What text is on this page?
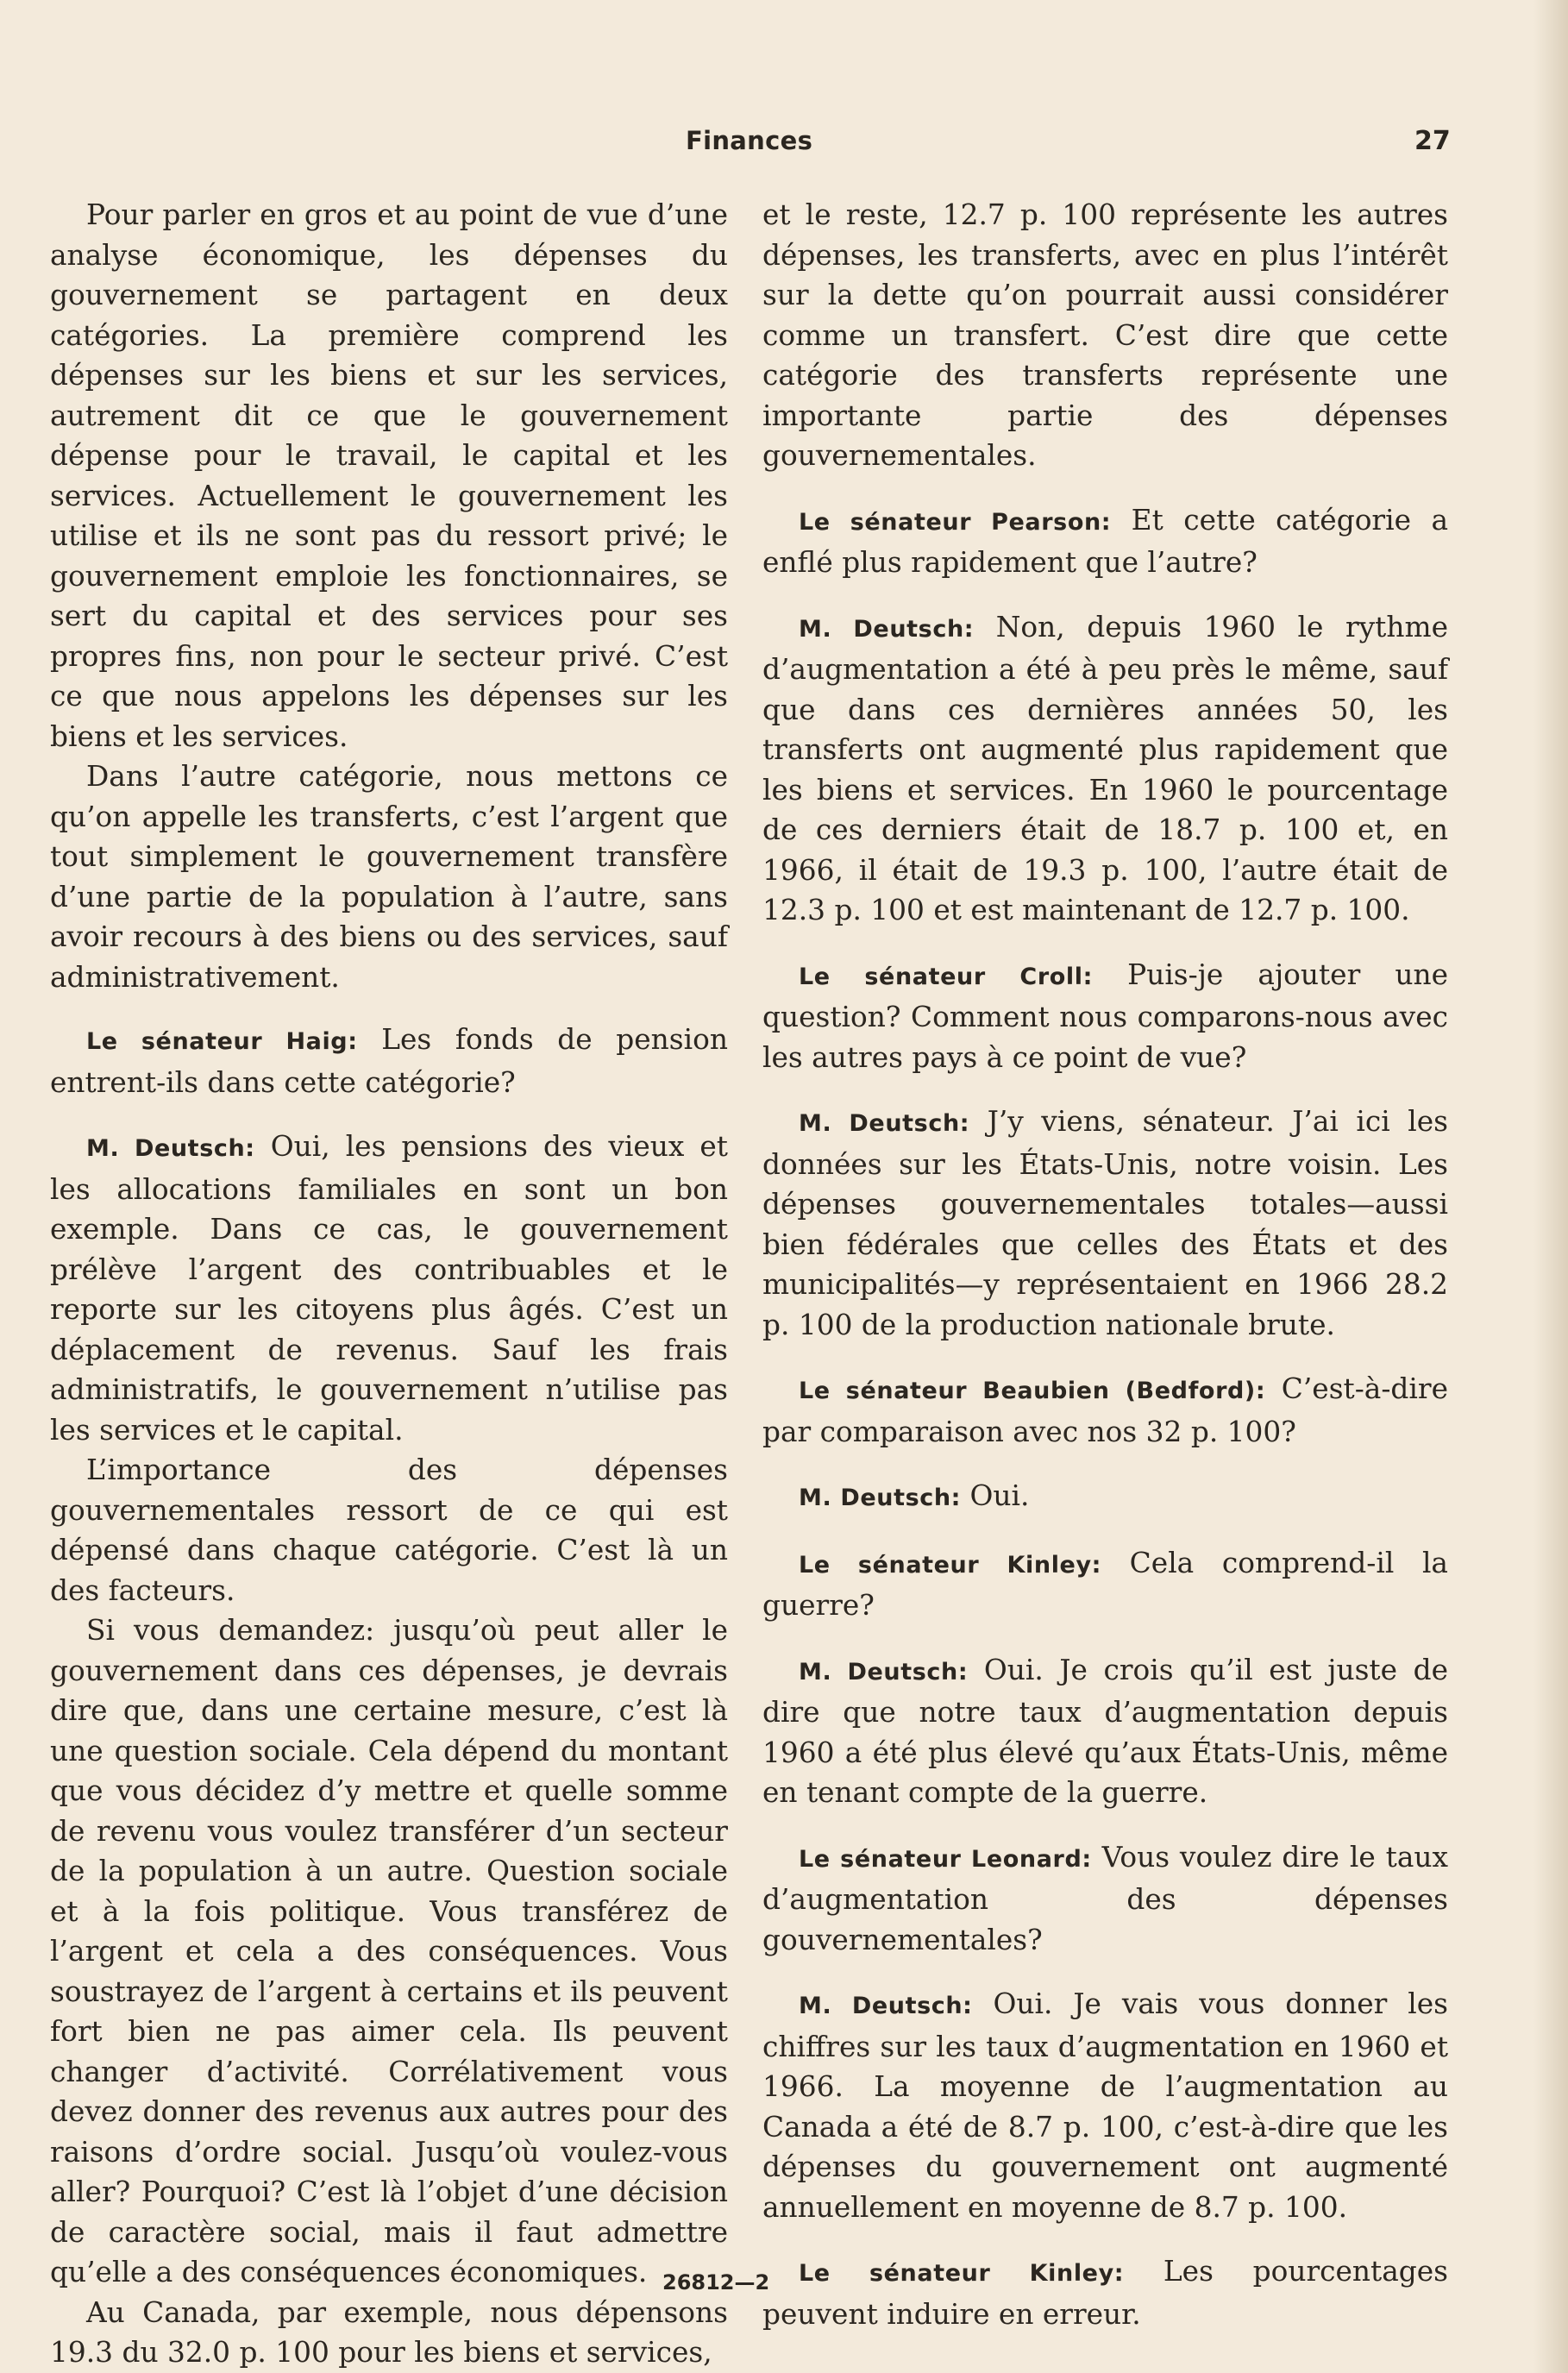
Finances	27

Pour parler en gros et au point de vue d’une analyse économique, les dépenses du gouvernement se partagent en deux catégories. La première comprend les dépenses sur les biens et sur les services, autrement dit ce que le gouvernement dépense pour le travail, le capital et les services. Actuellement le gouvernement les utilise et ils ne sont pas du ressort privé; le gouvernement emploie les fonctionnaires, se sert du capital et des services pour ses propres fins, non pour le secteur privé. C’est ce que nous appelons les dépenses sur les biens et les services.

Dans l’autre catégorie, nous mettons ce qu’on appelle les transferts, c’est l’argent que tout simplement le gouvernement transfère d’une partie de la population à l’autre, sans avoir recours à des biens ou des services, sauf administrativement.

Le sénateur Haig: Les fonds de pension entrent-ils dans cette catégorie?

M. Deutsch: Oui, les pensions des vieux et les allocations familiales en sont un bon exemple. Dans ce cas, le gouvernement prélève l’argent des contribuables et le reporte sur les citoyens plus âgés. C’est un déplacement de revenus. Sauf les frais administratifs, le gouvernement n’utilise pas les services et le capital.

L’importance des dépenses gouvernementales ressort de ce qui est dépensé dans chaque catégorie. C’est là un des facteurs.

Si vous demandez: jusqu’où peut aller le gouvernement dans ces dépenses, je devrais dire que, dans une certaine mesure, c’est là une question sociale. Cela dépend du montant que vous décidez d’y mettre et quelle somme de revenu vous voulez transférer d’un secteur de la population à un autre. Question sociale et à la fois politique. Vous transférez de l’argent et cela a des conséquences. Vous soustrayez de l’argent à certains et ils peuvent fort bien ne pas aimer cela. Ils peuvent changer d’activité. Corrélativement vous devez donner des revenus aux autres pour des raisons d’ordre social. Jusqu’où voulez-vous aller? Pourquoi? C’est là l’objet d’une décision de caractère social, mais il faut admettre qu’elle a des conséquences économiques.

Au Canada, par exemple, nous dépensons 19.3 du 32.0 p. 100 pour les biens et services,

et le reste, 12.7 p. 100 représente les autres dépenses, les transferts, avec en plus l’intérêt sur la dette qu’on pourrait aussi considérer comme un transfert. C’est dire que cette catégorie des transferts représente une importante partie des dépenses gouvernementales.

Le sénateur Pearson: Et cette catégorie a enflé plus rapidement que l’autre?

M. Deutsch: Non, depuis 1960 le rythme d’augmentation a été à peu près le même, sauf que dans ces dernières années 50, les transferts ont augmenté plus rapidement que les biens et services. En 1960 le pourcentage de ces derniers était de 18.7 p. 100 et, en 1966, il était de 19.3 p. 100, l’autre était de 12.3 p. 100 et est maintenant de 12.7 p. 100.

Le sénateur Croll: Puis-je ajouter une question? Comment nous comparons-nous avec les autres pays à ce point de vue?

M. Deutsch: J’y viens, sénateur. J’ai ici les données sur les États-Unis, notre voisin. Les dépenses gouvernementales totales—aussi bien fédérales que celles des États et des municipalités—y représentaient en 1966 28.2 p. 100 de la production nationale brute.

Le sénateur Beaubien (Bedford): C’est-à-dire par comparaison avec nos 32 p. 100?

M. Deutsch: Oui.

Le sénateur Kinley: Cela comprend-il la guerre?

M. Deutsch: Oui. Je crois qu’il est juste de dire que notre taux d’augmentation depuis 1960 a été plus élevé qu’aux États-Unis, même en tenant compte de la guerre.

Le sénateur Leonard: Vous voulez dire le taux d’augmentation des dépenses gouvernementales?

M. Deutsch: Oui. Je vais vous donner les chiffres sur les taux d’augmentation en 1960 et 1966. La moyenne de l’augmentation au Canada a été de 8.7 p. 100, c’est-à-dire que les dépenses du gouvernement ont augmenté annuellement en moyenne de 8.7 p. 100.

Le sénateur Kinley: Les pourcentages peuvent induire en erreur.

26812—2
